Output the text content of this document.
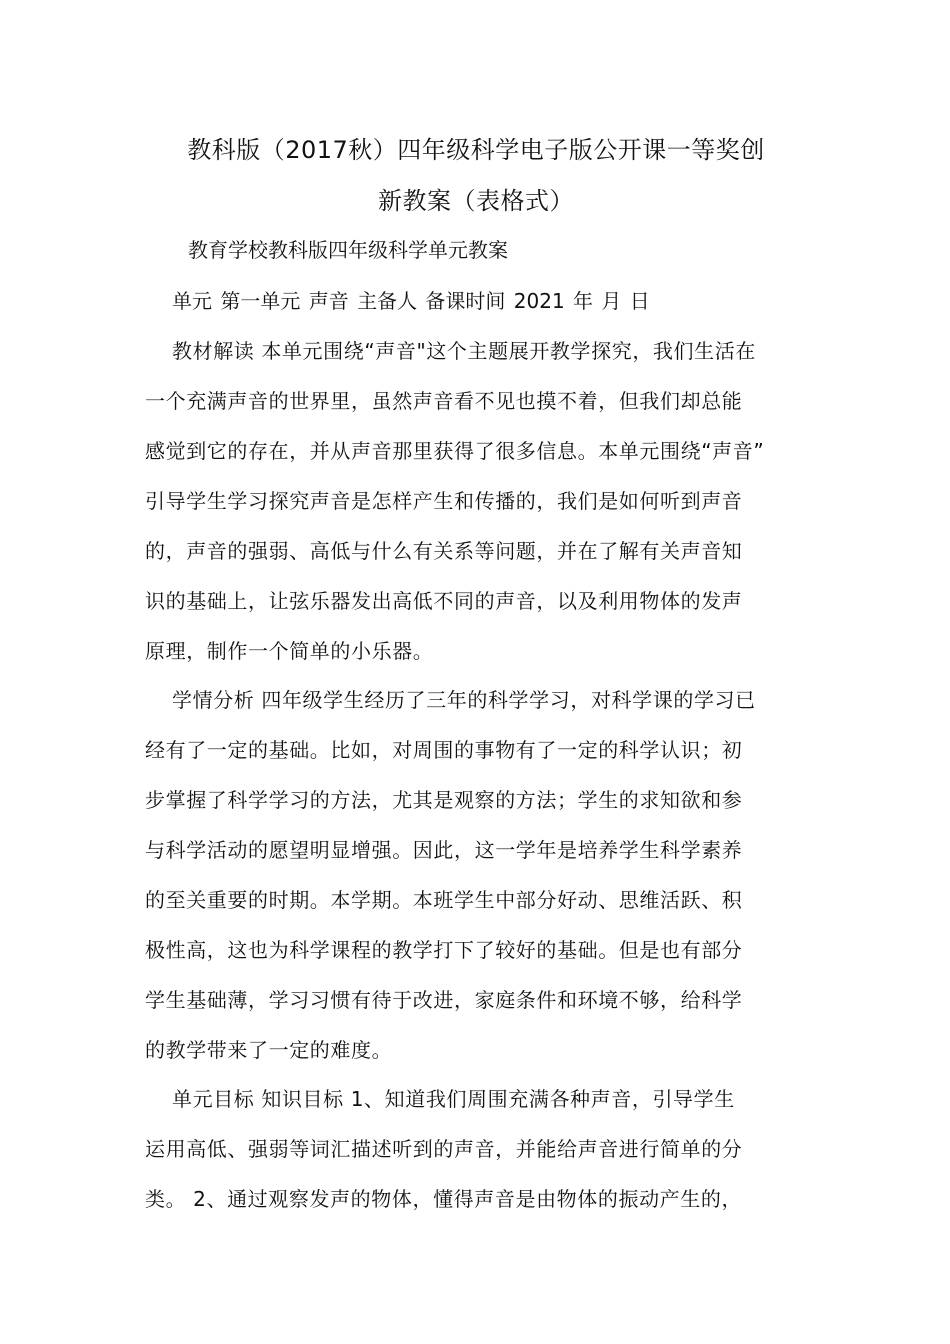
教科版（2017秋）四年级科学电子版公开课一等奖创
新教案（表格式）
教育学校教科版四年级科学单元教案
单元 第一单元 声音 主备人 备课时间 2021 年 月 日
教材解读 本单元围绕“声音"这个主题展开教学探究，我们生活在
一个充满声音的世界里，虽然声音看不见也摸不着，但我们却总能
感觉到它的存在，并从声音那里获得了很多信息。本单元围绕“声音”
引导学生学习探究声音是怎样产生和传播的，我们是如何听到声音
的，声音的强弱、高低与什么有关系等问题，并在了解有关声音知
识的基础上，让弦乐器发出高低不同的声音，以及利用物体的发声
原理，制作一个简单的小乐器。
学情分析 四年级学生经历了三年的科学学习，对科学课的学习已
经有了一定的基础。比如，对周围的事物有了一定的科学认识；初
步掌握了科学学习的方法，尤其是观察的方法；学生的求知欲和参
与科学活动的愿望明显增强。因此，这一学年是培养学生科学素养
的至关重要的时期。本学期。本班学生中部分好动、思维活跃、积
极性高，这也为科学课程的教学打下了较好的基础。但是也有部分
学生基础薄，学习习惯有待于改进，家庭条件和环境不够，给科学
的教学带来了一定的难度。
单元目标 知识目标 1、知道我们周围充满各种声音，引导学生
运用高低、强弱等词汇描述听到的声音，并能给声音进行简单的分
类。 2、通过观察发声的物体，懂得声音是由物体的振动产生的，
